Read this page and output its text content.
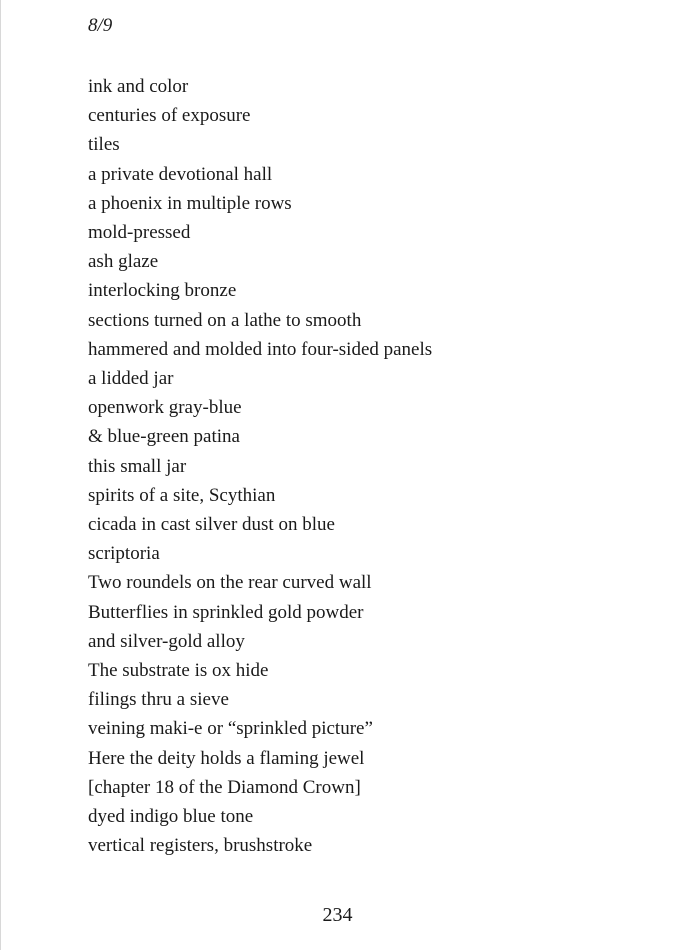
8/9
ink and color
centuries of exposure
tiles
a private devotional hall
a phoenix in multiple rows
mold-pressed
ash glaze
interlocking bronze
sections turned on a lathe to smooth
hammered and molded into four-sided panels
a lidded jar
openwork gray-blue
& blue-green patina
this small jar
spirits of a site, Scythian
cicada in cast silver dust on blue
scriptoria
Two roundels on the rear curved wall
Butterflies in sprinkled gold powder
and silver-gold alloy
The substrate is ox hide
filings thru a sieve
veining maki-e or “sprinkled picture”
Here the deity holds a flaming jewel
[chapter 18 of the Diamond Crown]
dyed indigo blue tone
vertical registers, brushstroke
234
